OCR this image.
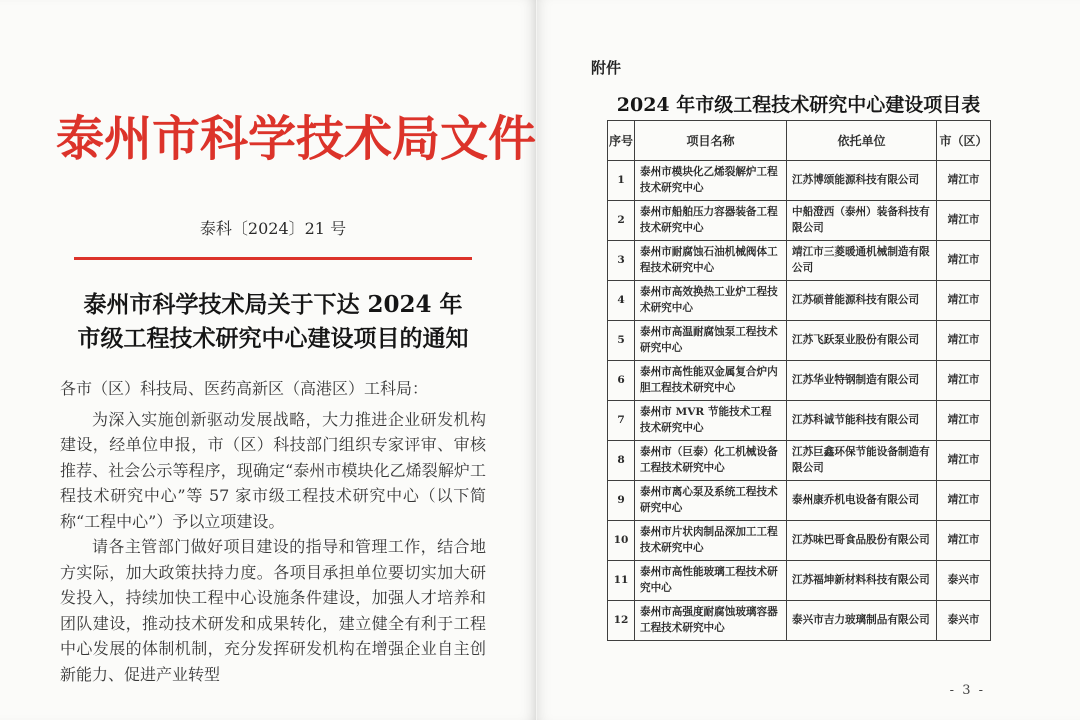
泰州市科学技术局文件
泰科〔2024〕21 号
泰州市科学技术局关于下达 2024 年
市级工程技术研究中心建设项目的通知

各市（区）科技局、医药高新区（高港区）工科局：

为深入实施创新驱动发展战略，大力推进企业研发机构建设，经单位申报，市（区）科技部门组织专家评审、审核推荐、社会公示等程序，现确定“泰州市模块化乙烯裂解炉工程技术研究中心”等 57 家市级工程技术研究中心（以下简称“工程中心”）予以立项建设。

请各主管部门做好项目建设的指导和管理工作，结合地方实际，加大政策扶持力度。各项目承担单位要切实加大研发投入，持续加快工程中心设施条件建设，加强人才培养和团队建设，推动技术研发和成果转化，建立健全有利于工程中心发展的体制机制，充分发挥研发机构在增强企业自主创新能力、促进产业转型

附件
2024 年市级工程技术研究中心建设项目表
序号	项目名称	依托单位	市（区）
1	泰州市模块化乙烯裂解炉工程技术研究中心	江苏博颂能源科技有限公司	靖江市
2	泰州市船舶压力容器装备工程技术研究中心	中船澄西（泰州）装备科技有限公司	靖江市
3	泰州市耐腐蚀石油机械阀体工程技术研究中心	靖江市三菱暖通机械制造有限公司	靖江市
4	泰州市高效换热工业炉工程技术研究中心	江苏硕普能源科技有限公司	靖江市
5	泰州市高温耐腐蚀泵工程技术研究中心	江苏飞跃泵业股份有限公司	靖江市
6	泰州市高性能双金属复合炉内胆工程技术研究中心	江苏华业特钢制造有限公司	靖江市
7	泰州市 MVR 节能技术工程技术研究中心	江苏科诚节能科技有限公司	靖江市
8	泰州市（巨泰）化工机械设备工程技术研究中心	江苏巨鑫环保节能设备制造有限公司	靖江市
9	泰州市离心泵及系统工程技术研究中心	泰州康乔机电设备有限公司	靖江市
10	泰州市片状肉制品深加工工程技术研究中心	江苏味巴哥食品股份有限公司	靖江市
11	泰州市高性能玻璃工程技术研究中心	江苏福坤新材料科技有限公司	泰兴市
12	泰州市高强度耐腐蚀玻璃容器工程技术研究中心	泰兴市吉力玻璃制品有限公司	泰兴市
- 3 -
